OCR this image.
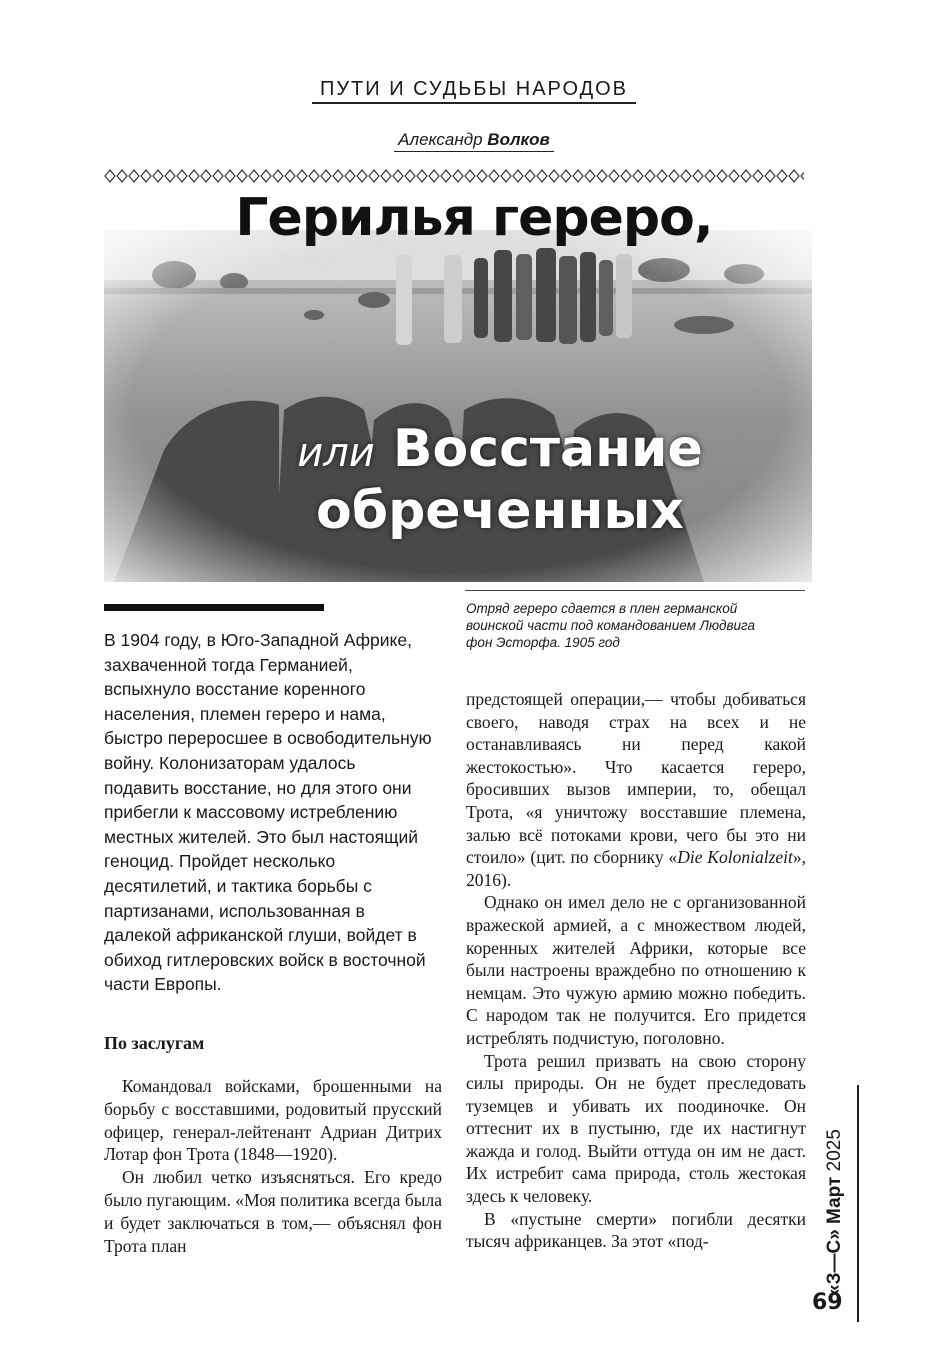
ПУТИ И СУДЬБЫ НАРОДОВ
Александр Волков
Герилья гереро,
или Восстание
обреченных
Отряд гереро сдается в плен германской воинской части под командованием Людвига фон Эсторфа. 1905 год

В 1904 году, в Юго-Западной Африке, захваченной тогда Германией, вспыхнуло восстание коренного населения, племен гереро и нама, быстро переросшее в освободительную войну. Колонизаторам удалось подавить восстание, но для этого они прибегли к массовому истреблению местных жителей. Это был настоящий геноцид. Пройдет несколько десятилетий, и тактика борьбы с партизанами, использованная в далекой африканской глуши, войдет в обиход гитлеровских войск в восточной части Европы.

По заслугам

Командовал войсками, брошенными на борьбу с восставшими, родовитый прусский офицер, генерал-лейтенант Адриан Дитрих Лотар фон Трота (1848—1920).

Он любил четко изъясняться. Его кредо было пугающим. «Моя политика всегда была и будет заключаться в том,— объяснял фон Трота план

предстоящей операции,— чтобы добиваться своего, наводя страх на всех и не останавливаясь ни перед какой жестокостью». Что касается гереро, бросивших вызов империи, то, обещал Трота, «я уничтожу восставшие племена, залью всё потоками крови, чего бы это ни стоило» (цит. по сборнику «Die Kolonialzeit», 2016).

Однако он имел дело не с организованной вражеской армией, а с множеством людей, коренных жителей Африки, которые все были настроены враждебно по отношению к немцам. Это чужую армию можно победить. С народом так не получится. Его придется истреблять подчистую, поголовно.

Трота решил призвать на свою сторону силы природы. Он не будет преследовать туземцев и убивать их поодиночке. Он оттеснит их в пустыню, где их настигнут жажда и голод. Выйти оттуда он им не даст. Их истребит сама природа, столь жестокая здесь к человеку.

В «пустыне смерти» погибли десятки тысяч африканцев. За этот «под-	«З—С» Март 2025
69
